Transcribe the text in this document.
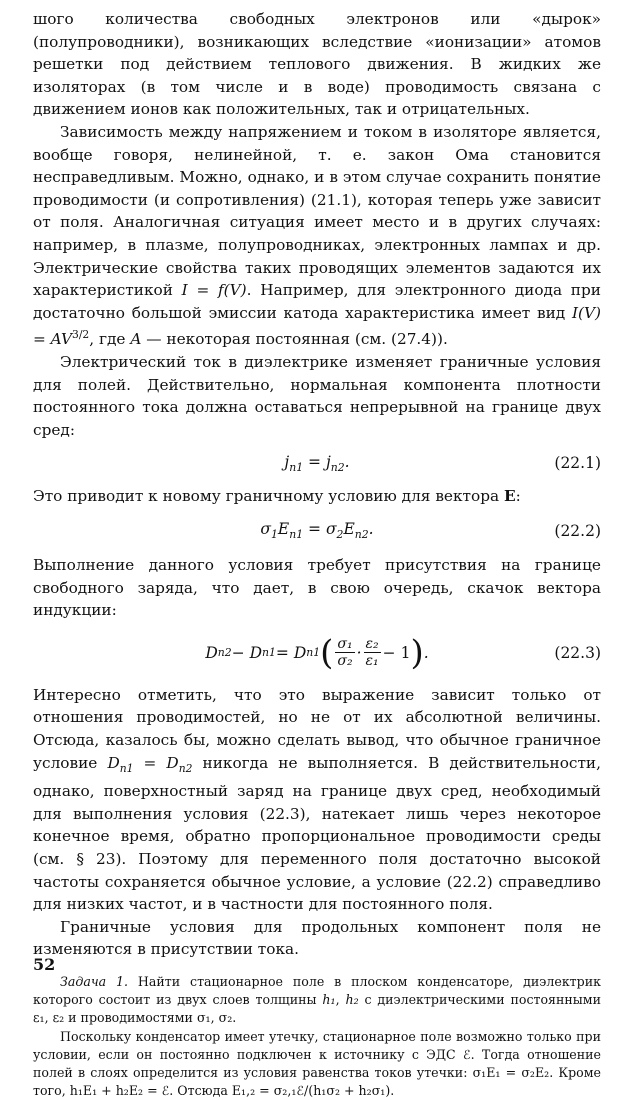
шого количества свободных электронов или «дырок» (полупроводники), возникающих вследствие «ионизации» атомов решетки под действием теплового движения. В жидких же изоляторах (в том числе и в воде) проводимость связана с движением ионов как положительных, так и отрицательных.

Зависимость между напряжением и током в изоляторе является, вообще говоря, нелинейной, т. е. закон Ома становится несправедливым. Можно, однако, и в этом случае сохранить понятие проводимости (и сопротивления) (21.1), которая теперь уже зависит от поля. Аналогичная ситуация имеет место и в других случаях: например, в плазме, полупроводниках, электронных лампах и др. Электрические свойства таких проводящих элементов задаются их характеристикой I = f(V). Например, для электронного диода при достаточно большой эмиссии катода характеристика имеет вид $I(V) = AV^{3/2}$, где A — некоторая постоянная (см. (27.4)).

Электрический ток в диэлектрике изменяет граничные условия для полей. Действительно, нормальная компонента плотности постоянного тока должна оставаться непрерывной на границе двух сред:

$j_{n1} = j_{n2}$.	(22.1)

Это приводит к новому граничному условию для вектора E:

$\sigma_1E_{n1} = \sigma_2E_{n2}$.	(22.2)

Выполнение данного условия требует присутствия на границе свободного заряда, что дает, в свою очередь, скачок вектора индукции:

D n2 − D n1 = D n1 ( $\frac{\text{σ₁}}{\text{σ₂}} \cdot \frac{\text{ε₂}}{\text{ε₁}} - 1$ ) .	(22.3)

Интересно отметить, что это выражение зависит только от отношения проводимостей, но не от их абсолютной величины. Отсюда, казалось бы, можно сделать вывод, что обычное граничное условие $D_{n1} = D_{n2}$ никогда не выполняется. В действительности, однако, поверхностный заряд на границе двух сред, необходимый для выполнения условия (22.3), натекает лишь через некоторое конечное время, обратно пропорциональное проводимости среды (см. § 23). Поэтому для переменного поля достаточно высокой частоты сохраняется обычное условие, а условие (22.2) справедливо для низких частот, и в частности для постоянного поля.

Граничные условия для продольных компонент поля не изменяются в присутствии тока.

Задача 1. Найти стационарное поле в плоском конденсаторе, диэлектрик которого состоит из двух слоев толщины h₁, h₂ с диэлектрическими постоянными ε₁, ε₂ и проводимостями σ₁, σ₂.

Поскольку конденсатор имеет утечку, стационарное поле возможно только при условии, если он постоянно подключен к источнику с ЭДС ℰ. Тогда отношение полей в слоях определится из условия равенства токов утечки: σ₁E₁ = σ₂E₂. Кроме того, h₁E₁ + h₂E₂ = ℰ. Отсюда E₁,₂ = σ₂,₁ℰ/(h₁σ₂ + h₂σ₁).

52
